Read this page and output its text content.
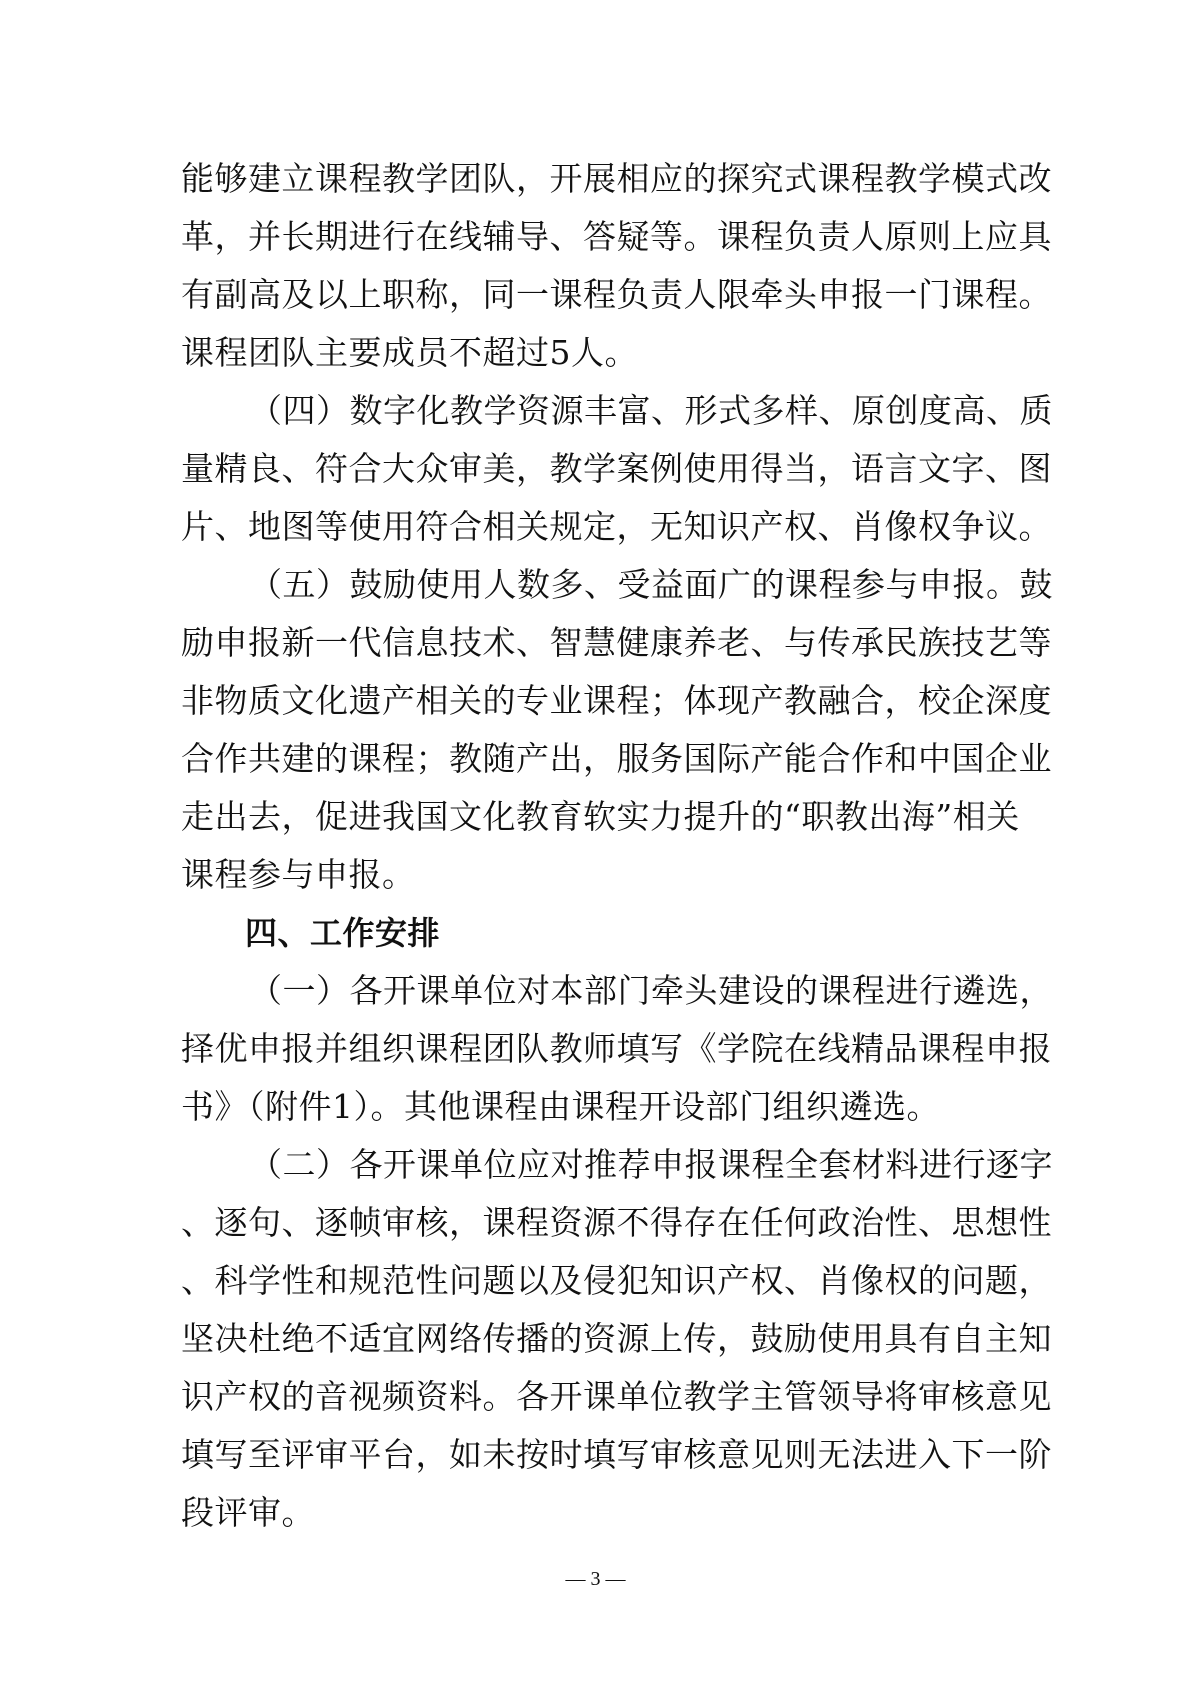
能够建立课程教学团队，开展相应的探究式课程教学模式改
革，并长期进行在线辅导、答疑等。课程负责人原则上应具
有副高及以上职称，同一课程负责人限牵头申报一门课程。
课程团队主要成员不超过5人。
（四）数字化教学资源丰富、形式多样、原创度高、质
量精良、符合大众审美，教学案例使用得当，语言文字、图
片、地图等使用符合相关规定，无知识产权、肖像权争议。
（五）鼓励使用人数多、受益面广的课程参与申报。鼓
励申报新一代信息技术、智慧健康养老、与传承民族技艺等
非物质文化遗产相关的专业课程；体现产教融合，校企深度
合作共建的课程；教随产出，服务国际产能合作和中国企业
走出去，促进我国文化教育软实力提升的“职教出海”相关
课程参与申报。
四、工作安排
（一）各开课单位对本部门牵头建设的课程进行遴选，
择优申报并组织课程团队教师填写《学院在线精品课程申报
书》（附件1）。其他课程由课程开设部门组织遴选。
（二）各开课单位应对推荐申报课程全套材料进行逐字
、逐句、逐帧审核，课程资源不得存在任何政治性、思想性
、科学性和规范性问题以及侵犯知识产权、肖像权的问题，
坚决杜绝不适宜网络传播的资源上传，鼓励使用具有自主知
识产权的音视频资料。各开课单位教学主管领导将审核意见
填写至评审平台，如未按时填写审核意见则无法进入下一阶
段评审。
— 3 —
